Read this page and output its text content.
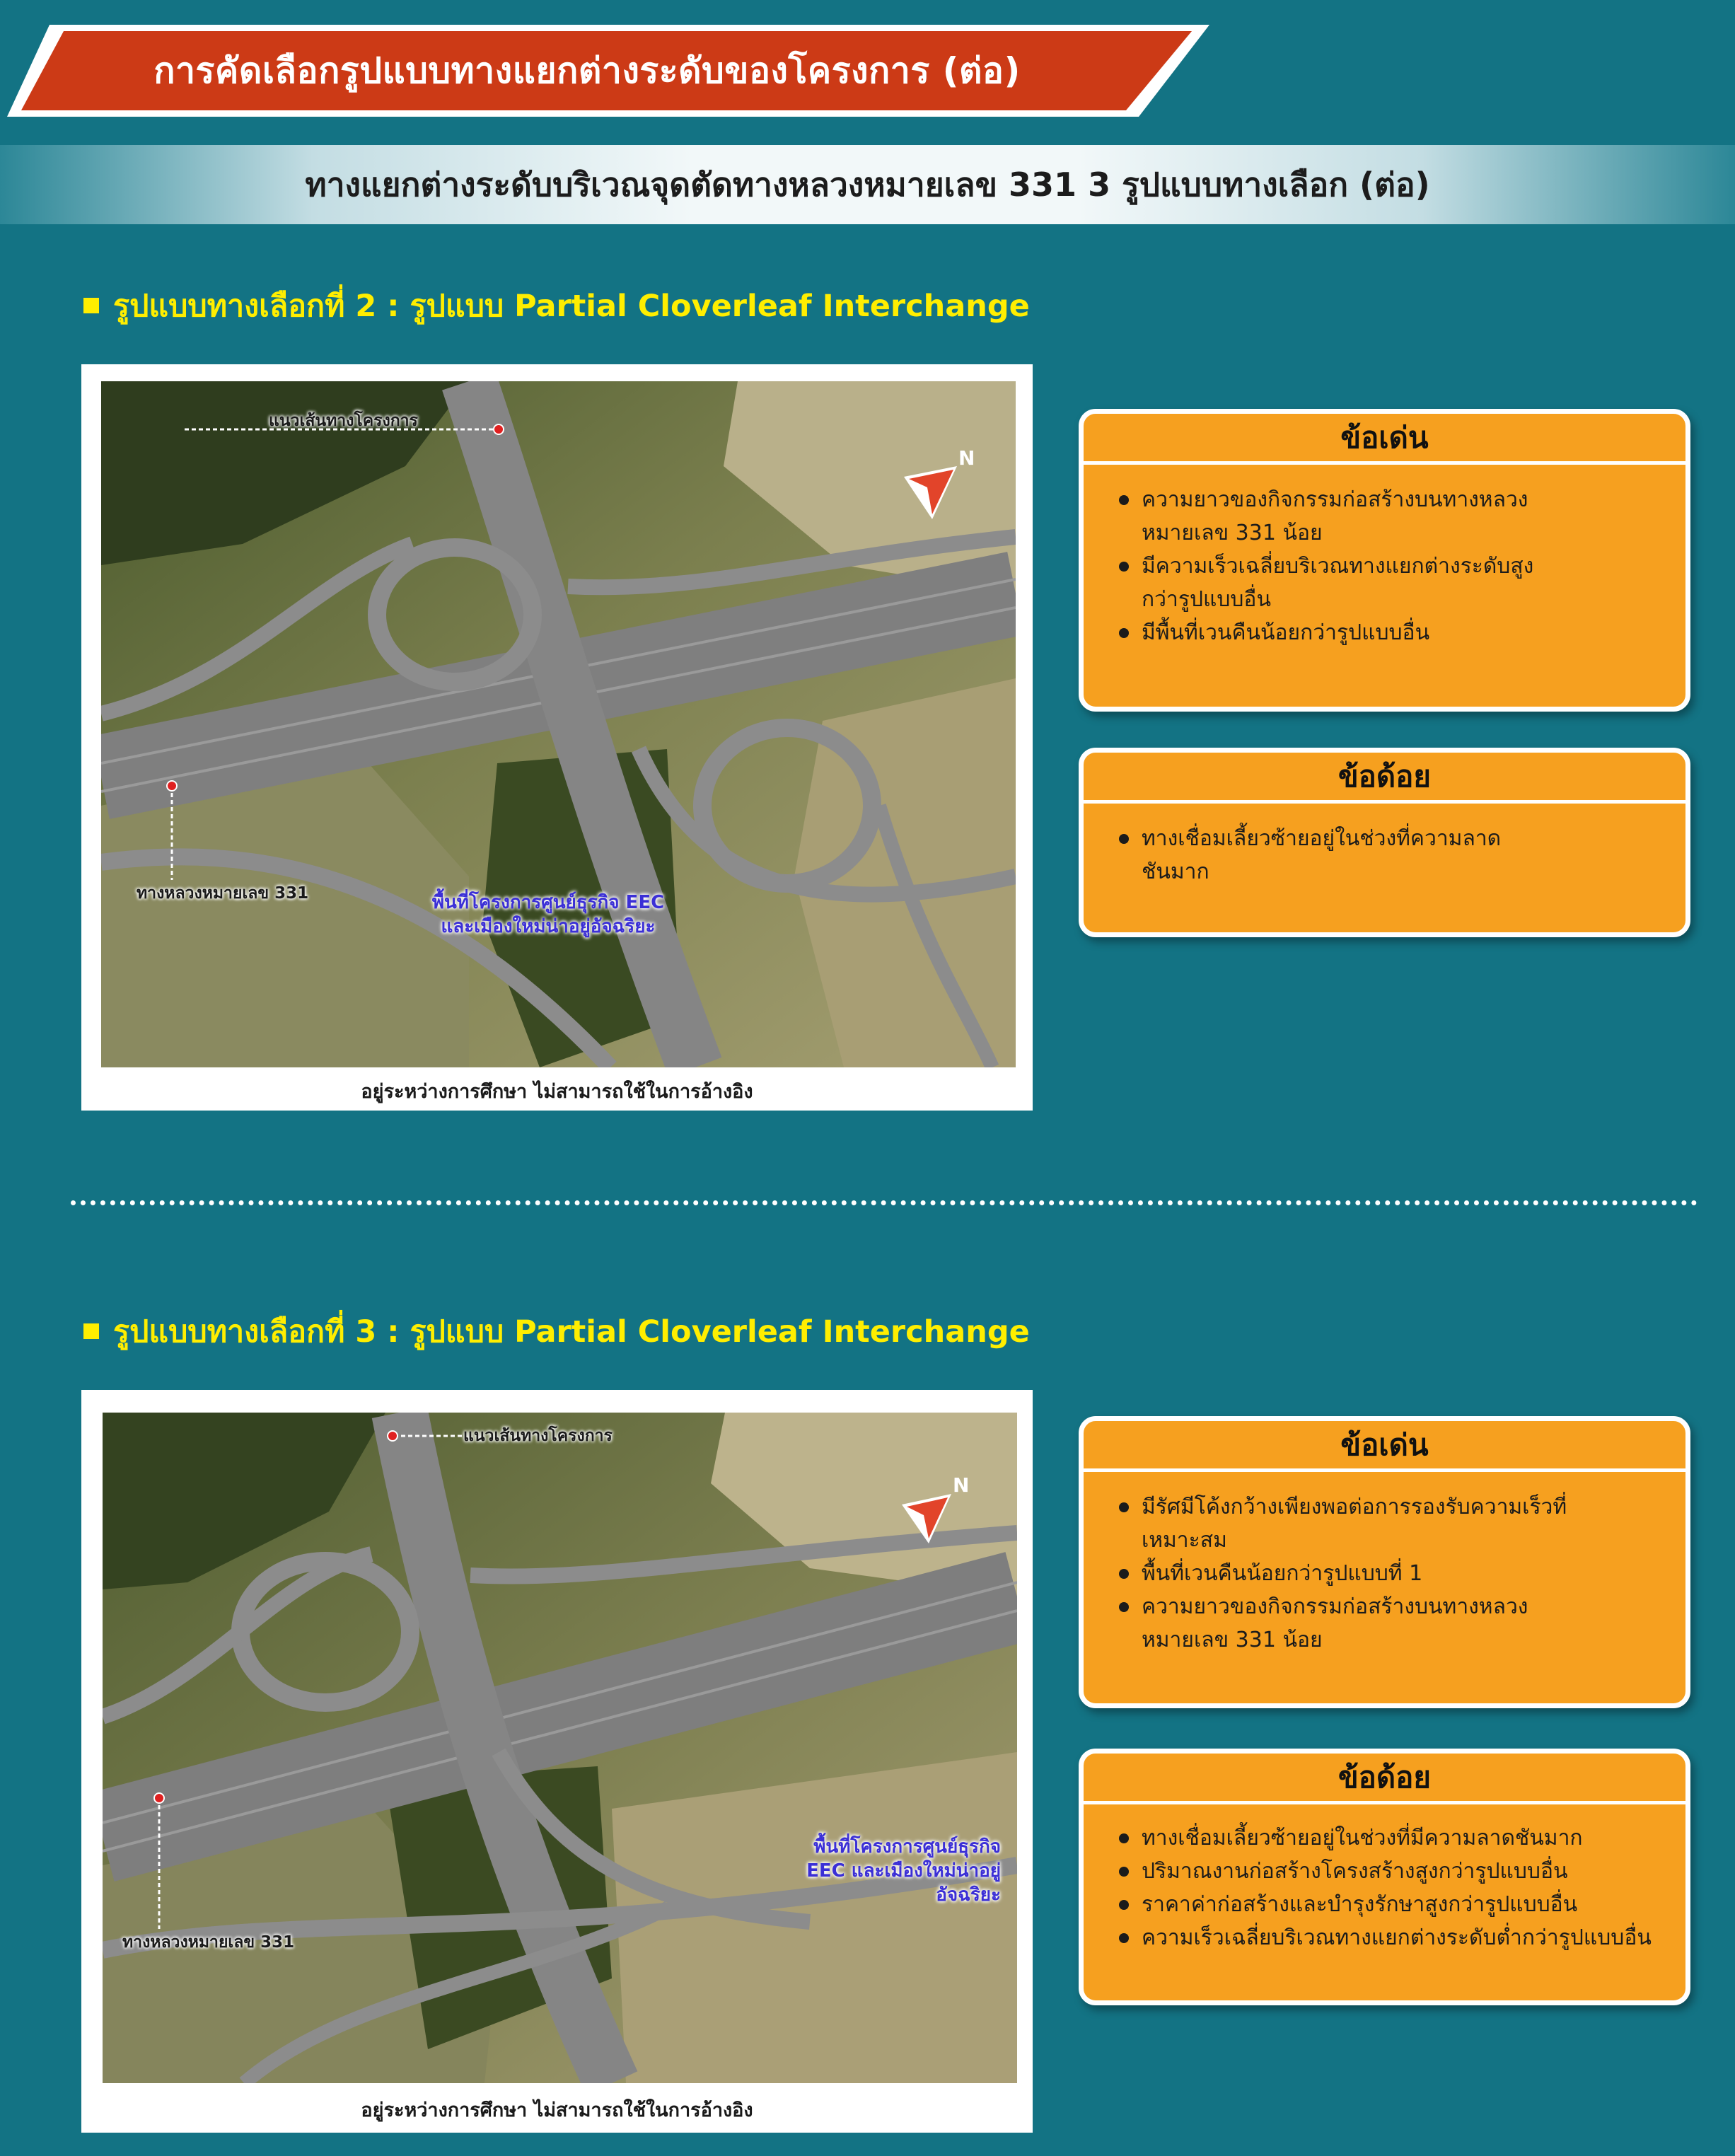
การคัดเลือกรูปแบบทางแยกต่างระดับของโครงการ (ต่อ)
ทางแยกต่างระดับบริเวณจุดตัดทางหลวงหมายเลข 331 3 รูปแบบทางเลือก (ต่อ)
รูปแบบทางเลือกที่ 2 : รูปแบบ Partial Cloverleaf Interchange
N
แนวเส้นทางโครงการ
ทางหลวงหมายเลข 331	พื้นที่โครงการศูนย์ธุรกิจ EEC
และเมืองใหม่น่าอยู่อัจฉริยะ
อยู่ระหว่างการศึกษา ไม่สามารถใช้ในการอ้างอิง
ข้อเด่น
ความยาวของกิจกรรมก่อสร้างบนทางหลวงหมายเลข 331 น้อย
มีความเร็วเฉลี่ยบริเวณทางแยกต่างระดับสูงกว่ารูปแบบอื่น
มีพื้นที่เวนคืนน้อยกว่ารูปแบบอื่น
ข้อด้อย
ทางเชื่อมเลี้ยวซ้ายอยู่ในช่วงที่ความลาดชันมาก
รูปแบบทางเลือกที่ 3 : รูปแบบ Partial Cloverleaf Interchange
N
แนวเส้นทางโครงการ
ทางหลวงหมายเลข 331
พื้นที่โครงการศูนย์ธุรกิจ
EEC และเมืองใหม่น่าอยู่
อัจฉริยะ
อยู่ระหว่างการศึกษา ไม่สามารถใช้ในการอ้างอิง
ข้อเด่น
มีรัศมีโค้งกว้างเพียงพอต่อการรองรับความเร็วที่เหมาะสม
พื้นที่เวนคืนน้อยกว่ารูปแบบที่ 1
ความยาวของกิจกรรมก่อสร้างบนทางหลวงหมายเลข 331 น้อย
ข้อด้อย
ทางเชื่อมเลี้ยวซ้ายอยู่ในช่วงที่มีความลาดชันมาก
ปริมาณงานก่อสร้างโครงสร้างสูงกว่ารูปแบบอื่น
ราคาค่าก่อสร้างและบำรุงรักษาสูงกว่ารูปแบบอื่น
ความเร็วเฉลี่ยบริเวณทางแยกต่างระดับต่ำกว่ารูปแบบอื่น
